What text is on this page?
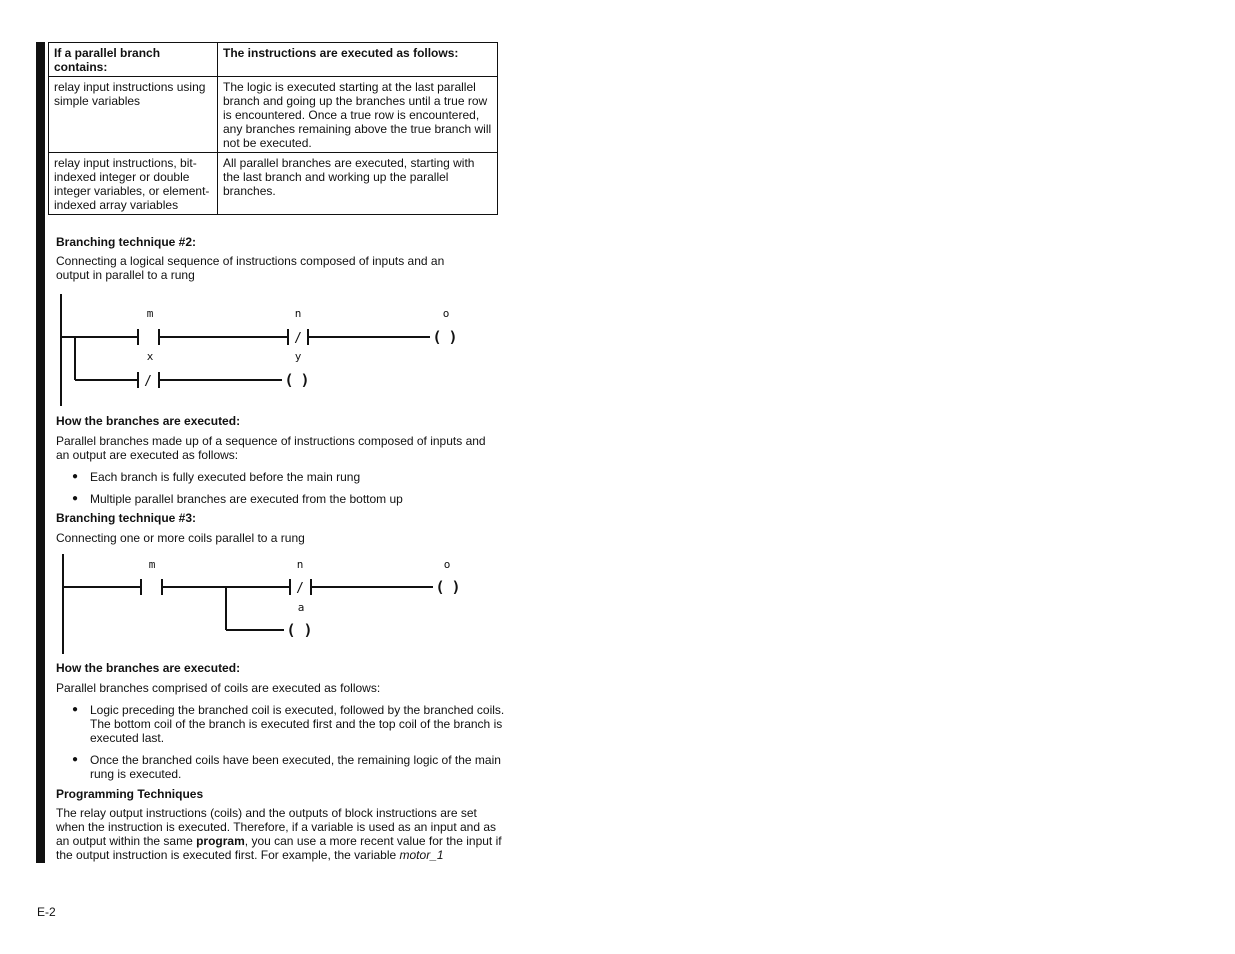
If a parallel branch contains:	The instructions are executed as follows:
relay input instructions using simple variables	The logic is executed starting at the last parallel branch and going up the branches until a true row is encountered. Once a true row is encountered, any branches remaining above the true branch will not be executed.
relay input instructions, bit-indexed integer or double integer variables, or element-indexed array variables	All parallel branches are executed, starting with the last branch and working up the parallel branches.
Branching technique #2:
Connecting a logical sequence of instructions composed of inputs and an output in parallel to a rung
m	n	o
x	y
/
/
( )
( )
How the branches are executed:
Parallel branches made up of a sequence of instructions composed of inputs and an output are executed as follows:
● Each branch is fully executed before the main rung
● Multiple parallel branches are executed from the bottom up
Branching technique #3:
Connecting one or more coils parallel to a rung
m	n	o
a
/	( )
( )
How the branches are executed:
Parallel branches comprised of coils are executed as follows:
● Logic preceding the branched coil is executed, followed by the branched coils. The bottom coil of the branch is executed first and the top coil of the branch is executed last.
● Once the branched coils have been executed, the remaining logic of the main rung is executed.
Programming Techniques
The relay output instructions (coils) and the outputs of block instructions are set when the instruction is executed. Therefore, if a variable is used as an input and as an output within the same program, you can use a more recent value for the input if the output instruction is executed first. For example, the variable motor_1
E-2
